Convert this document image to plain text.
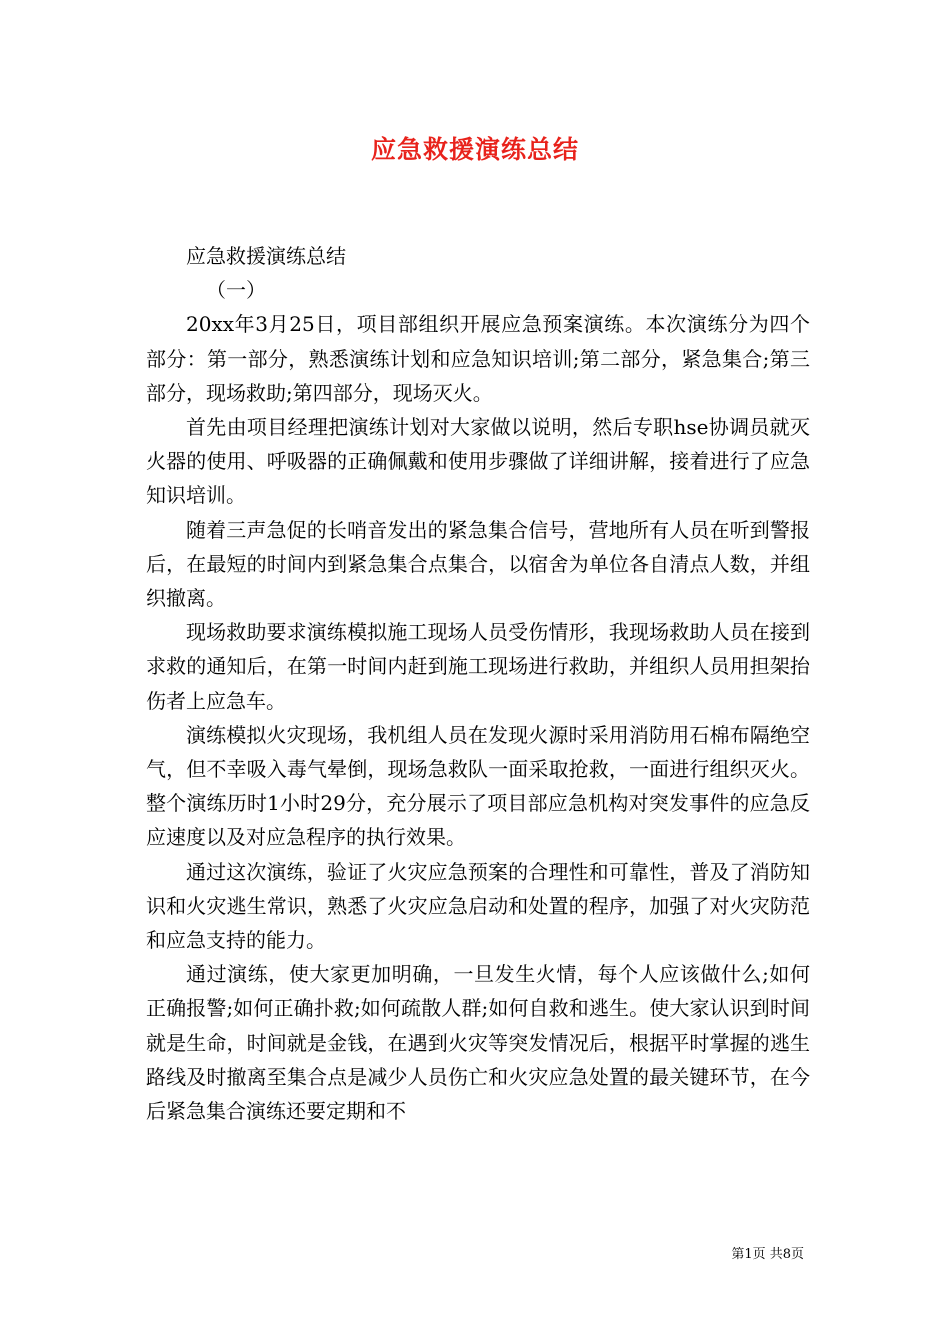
应急救援演练总结

应急救援演练总结

（一）

20xx年3月25日，项目部组织开展应急预案演练。本次演练分为四个部分：第一部分，熟悉演练计划和应急知识培训;第二部分，紧急集合;第三部分，现场救助;第四部分，现场灭火。

首先由项目经理把演练计划对大家做以说明，然后专职hse协调员就灭火器的使用、呼吸器的正确佩戴和使用步骤做了详细讲解，接着进行了应急知识培训。

随着三声急促的长哨音发出的紧急集合信号，营地所有人员在听到警报后，在最短的时间内到紧急集合点集合，以宿舍为单位各自清点人数，并组织撤离。

现场救助要求演练模拟施工现场人员受伤情形，我现场救助人员在接到求救的通知后，在第一时间内赶到施工现场进行救助，并组织人员用担架抬伤者上应急车。

演练模拟火灾现场，我机组人员在发现火源时采用消防用石棉布隔绝空气，但不幸吸入毒气晕倒，现场急救队一面采取抢救，一面进行组织灭火。整个演练历时1小时29分，充分展示了项目部应急机构对突发事件的应急反应速度以及对应急程序的执行效果。

通过这次演练，验证了火灾应急预案的合理性和可靠性，普及了消防知识和火灾逃生常识，熟悉了火灾应急启动和处置的程序，加强了对火灾防范和应急支持的能力。

通过演练，使大家更加明确，一旦发生火情，每个人应该做什么;如何正确报警;如何正确扑救;如何疏散人群;如何自救和逃生。使大家认识到时间就是生命，时间就是金钱，在遇到火灾等突发情况后，根据平时掌握的逃生路线及时撤离至集合点是减少人员伤亡和火灾应急处置的最关键环节，在今后紧急集合演练还要定期和不

第1页 共8页
